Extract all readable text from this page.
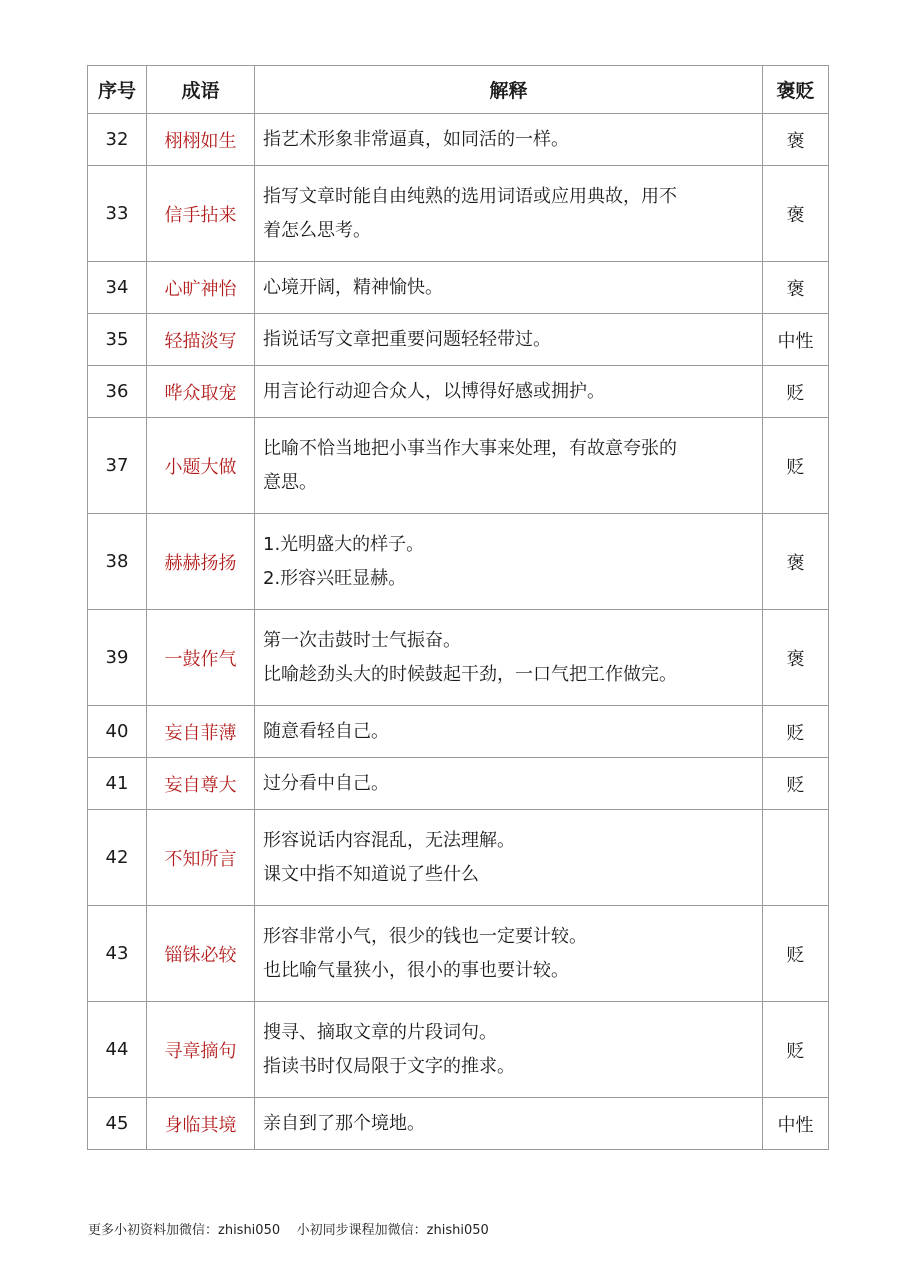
序号	成语	解释	褒贬
32	栩栩如生	指艺术形象非常逼真，如同活的一样。	褒
33	信手拈来	指写文章时能自由纯熟的选用词语或应用典故，用不
着怎么思考。	褒
34	心旷神怡	心境开阔，精神愉快。	褒
35	轻描淡写	指说话写文章把重要问题轻轻带过。	中性
36	哗众取宠	用言论行动迎合众人，以博得好感或拥护。	贬
37	小题大做	比喻不恰当地把小事当作大事来处理，有故意夸张的
意思。	贬
38	赫赫扬扬	1.光明盛大的样子。
2.形容兴旺显赫。	褒
39	一鼓作气	第一次击鼓时士气振奋。
比喻趁劲头大的时候鼓起干劲，一口气把工作做完。	褒
40	妄自菲薄	随意看轻自己。	贬
41	妄自尊大	过分看中自己。	贬
42	不知所言	形容说话内容混乱，无法理解。
课文中指不知道说了些什么	

43	锱铢必较	形容非常小气，很少的钱也一定要计较。
也比喻气量狭小，很小的事也要计较。	贬
44	寻章摘句	搜寻、摘取文章的片段词句。
指读书时仅局限于文字的推求。	贬
45	身临其境	亲自到了那个境地。	中性
更多小初资料加微信：zhishi050    小初同步课程加微信：zhishi050
